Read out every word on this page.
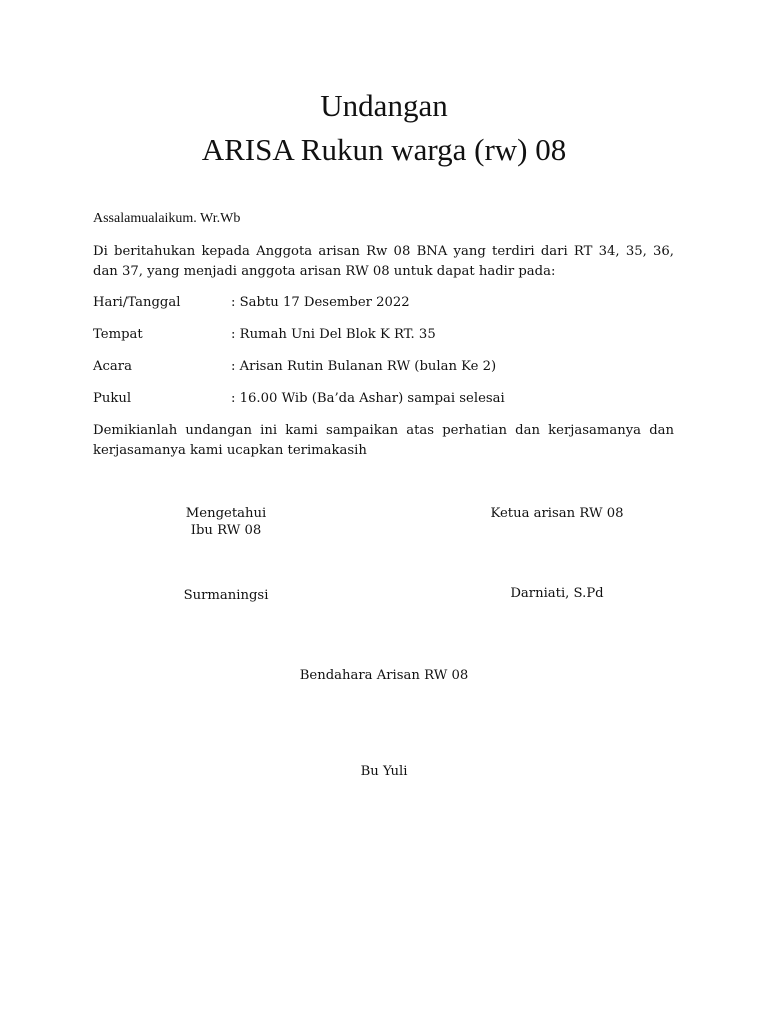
Undangan
ARISA Rukun warga (rw) 08
Assalamualaikum. Wr.Wb
Di beritahukan kepada Anggota arisan Rw 08 BNA yang terdiri dari RT 34, 35, 36, dan 37, yang menjadi anggota arisan RW 08 untuk dapat hadir pada:
Hari/Tanggal	: Sabtu 17 Desember 2022
Tempat	: Rumah Uni Del Blok K RT. 35
Acara	: Arisan Rutin Bulanan RW (bulan Ke 2)
Pukul	: 16.00 Wib (Ba’da Ashar) sampai selesai
Demikianlah undangan ini kami sampaikan atas perhatian dan kerjasamanya dan kerjasamanya kami ucapkan terimakasih
Mengetahui
Ibu RW 08
Surmaningsi
Ketua arisan RW 08
Darniati, S.Pd
Bendahara Arisan RW 08
Bu Yuli
